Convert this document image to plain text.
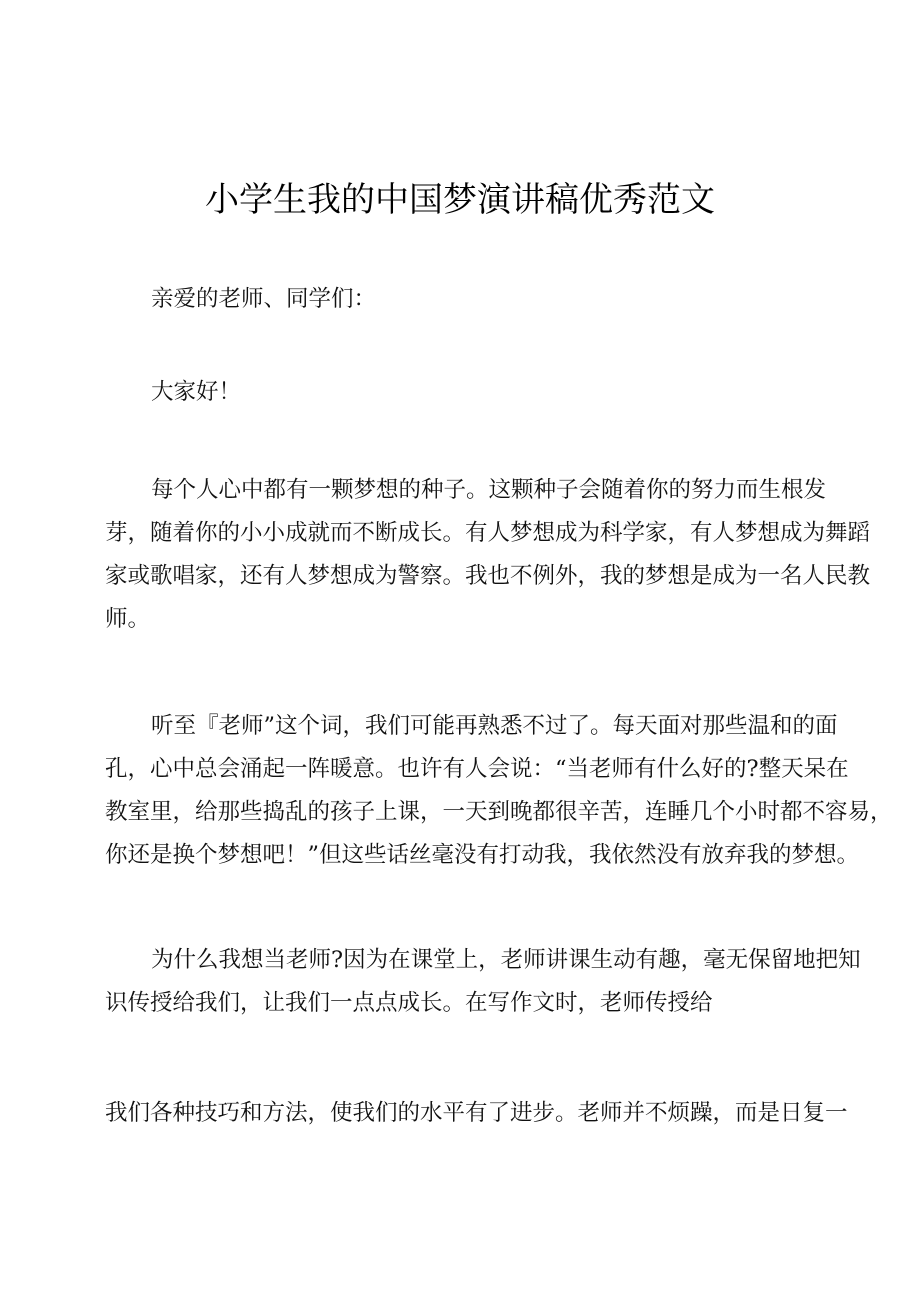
小学生我的中国梦演讲稿优秀范文

亲爱的老师、同学们：

大家好！

每个人心中都有一颗梦想的种子。这颗种子会随着你的努力而生根发
芽，随着你的小小成就而不断成长。有人梦想成为科学家，有人梦想成为舞蹈
家或歌唱家，还有人梦想成为警察。我也不例外，我的梦想是成为一名人民教
师。

听至『老师”这个词，我们可能再熟悉不过了。每天面对那些温和的面
孔，心中总会涌起一阵暖意。也许有人会说：“当老师有什么好的?整天呆在
教室里，给那些捣乱的孩子上课，一天到晚都很辛苦，连睡几个小时都不容易，
你还是换个梦想吧！”但这些话丝毫没有打动我，我依然没有放弃我的梦想。

为什么我想当老师?因为在课堂上，老师讲课生动有趣，毫无保留地把知
识传授给我们，让我们一点点成长。在写作文时，老师传授给

我们各种技巧和方法，使我们的水平有了进步。老师并不烦躁，而是日复一
